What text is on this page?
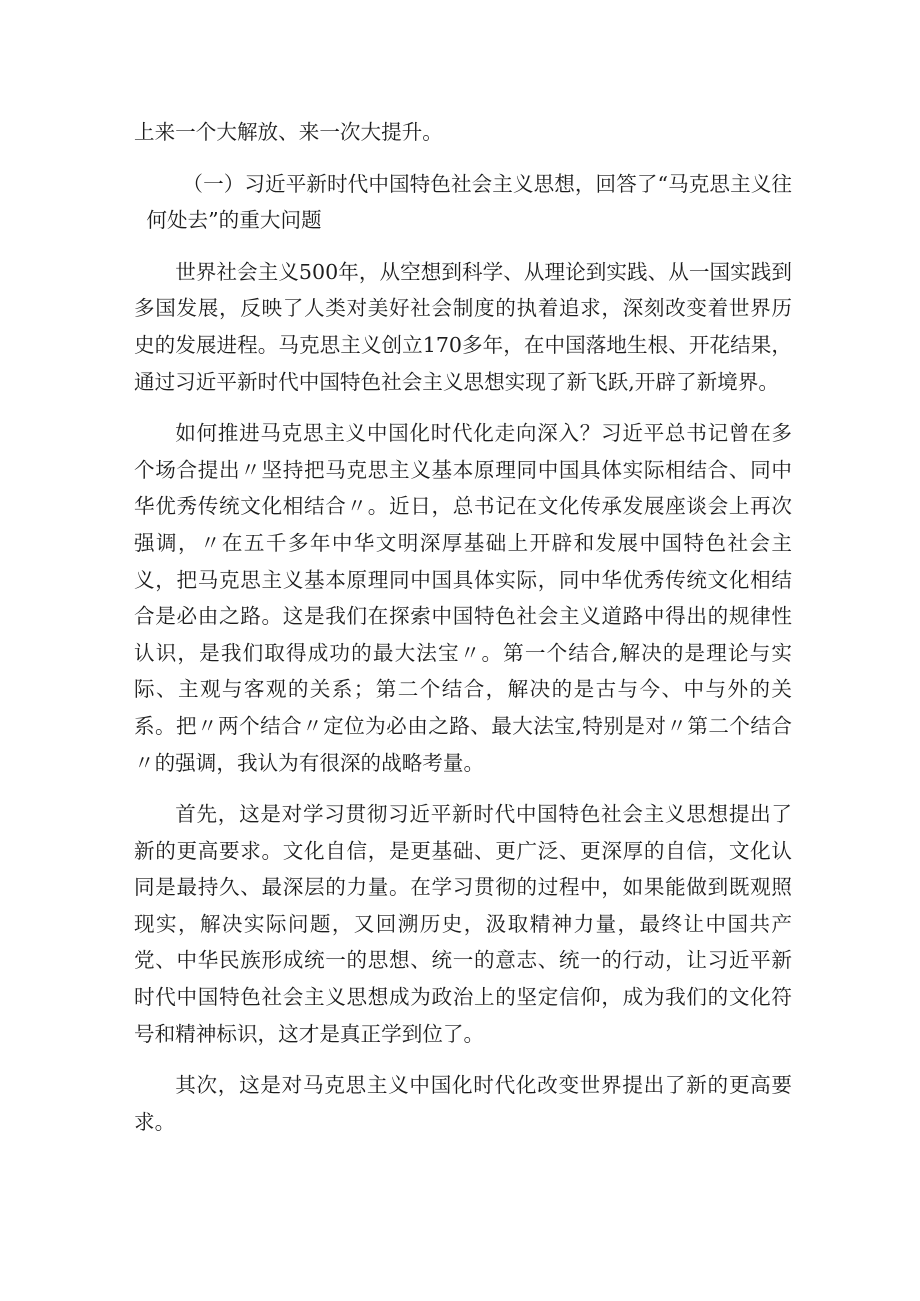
上来一个大解放、来一次大提升。

（一）习近平新时代中国特色社会主义思想，回答了“马克思主义往何处去”的重大问题

世界社会主义500年，从空想到科学、从理论到实践、从一国实践到多国发展，反映了人类对美好社会制度的执着追求，深刻改变着世界历史的发展进程。马克思主义创立170多年，在中国落地生根、开花结果，通过习近平新时代中国特色社会主义思想实现了新飞跃,开辟了新境界。

如何推进马克思主义中国化时代化走向深入？习近平总书记曾在多个场合提出〃坚持把马克思主义基本原理同中国具体实际相结合、同中华优秀传统文化相结合〃。近日，总书记在文化传承发展座谈会上再次强调，〃在五千多年中华文明深厚基础上开辟和发展中国特色社会主义，把马克思主义基本原理同中国具体实际，同中华优秀传统文化相结合是必由之路。这是我们在探索中国特色社会主义道路中得出的规律性认识，是我们取得成功的最大法宝〃。第一个结合,解决的是理论与实际、主观与客观的关系；第二个结合，解决的是古与今、中与外的关系。把〃两个结合〃定位为必由之路、最大法宝,特别是对〃第二个结合〃的强调，我认为有很深的战略考量。

首先，这是对学习贯彻习近平新时代中国特色社会主义思想提出了新的更高要求。文化自信，是更基础、更广泛、更深厚的自信，文化认同是最持久、最深层的力量。在学习贯彻的过程中，如果能做到既观照现实，解决实际问题，又回溯历史，汲取精神力量，最终让中国共产党、中华民族形成统一的思想、统一的意志、统一的行动，让习近平新时代中国特色社会主义思想成为政治上的坚定信仰，成为我们的文化符号和精神标识，这才是真正学到位了。

其次，这是对马克思主义中国化时代化改变世界提出了新的更高要求。
